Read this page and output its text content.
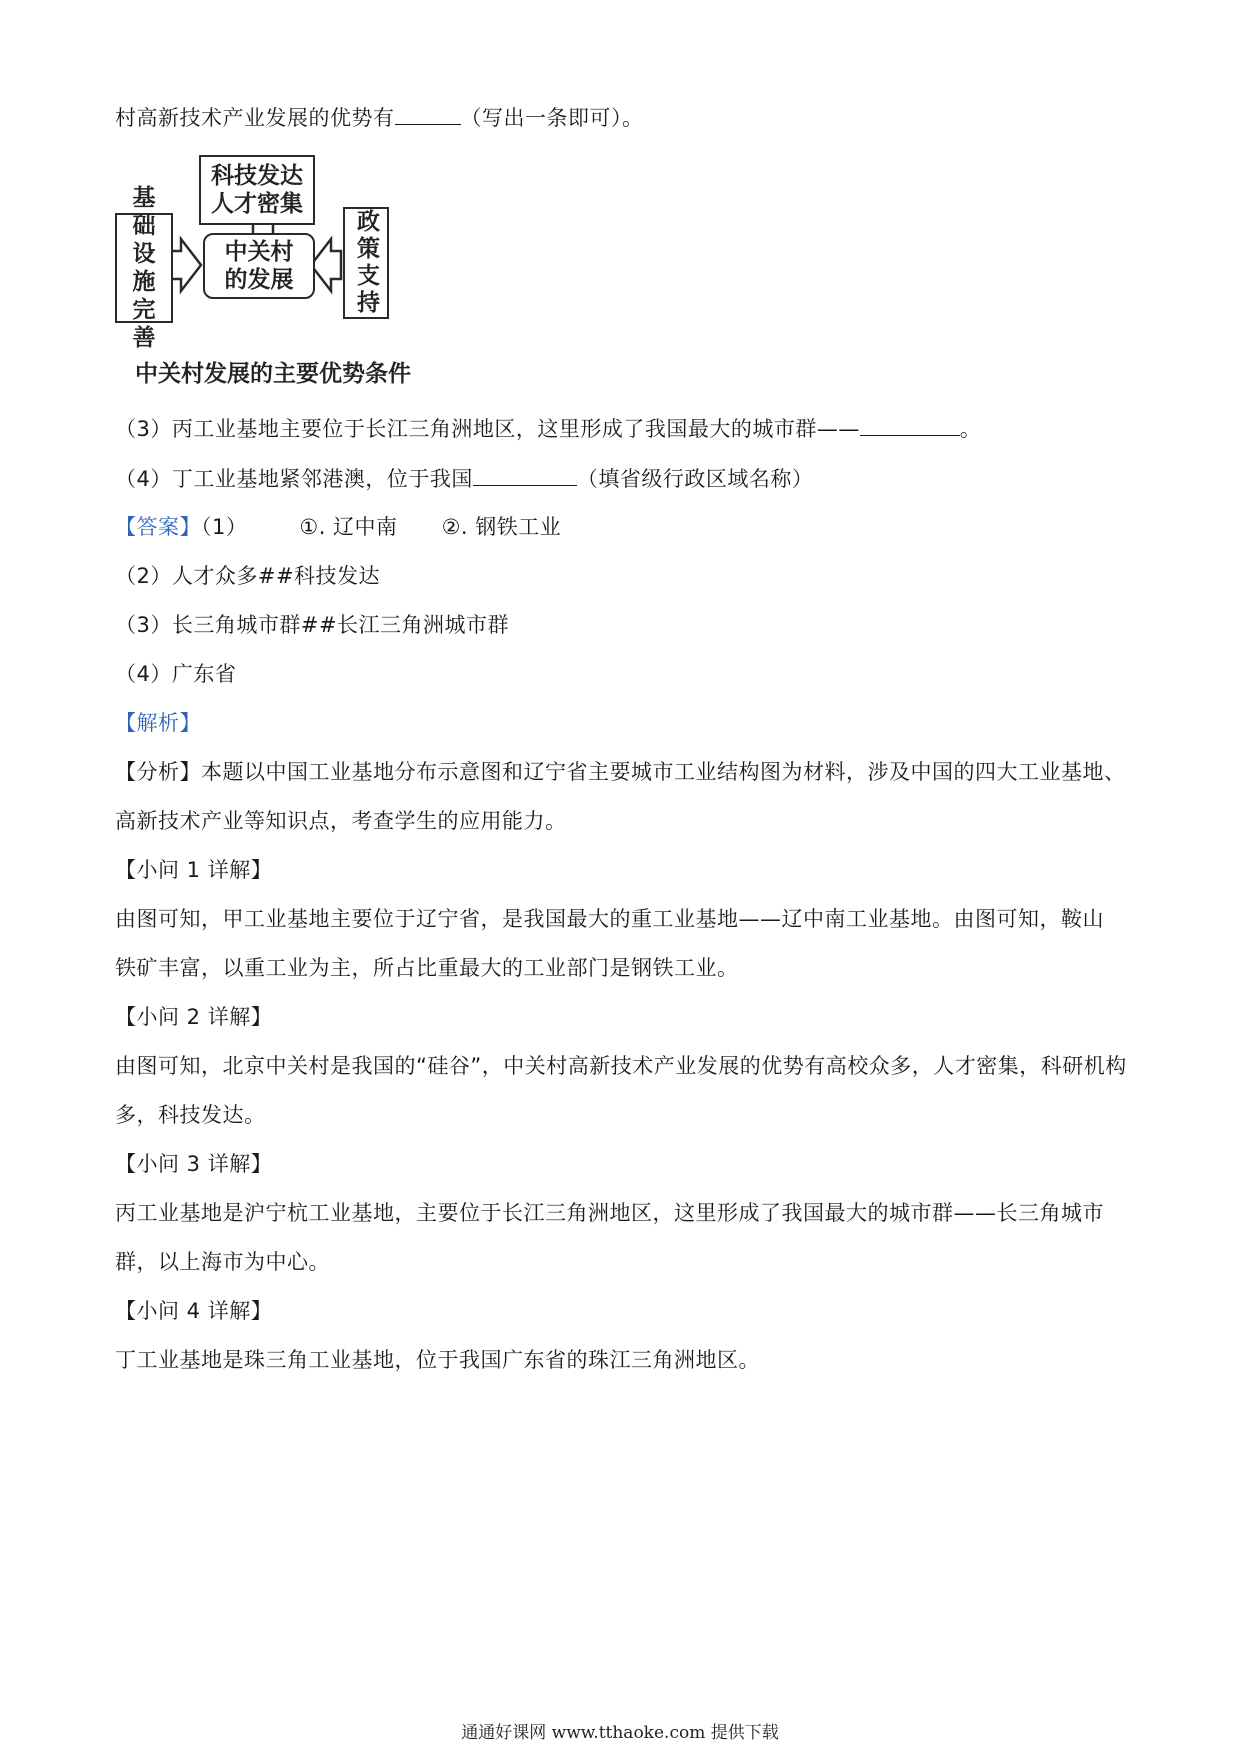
村高新技术产业发展的优势有	（写出一条即可）。
科技发达人才密集
基础设施完善
中关村的发展	政策支持
中关村发展的主要优势条件
（3）丙工业基地主要位于长江三角洲地区，这里形成了我国最大的城市群——	。
（4）丁工业基地紧邻港澳，位于我国	（填省级行政区域名称）
【答案】（1） ①. 辽中南 ②. 钢铁工业
（2）人才众多##科技发达
（3）长三角城市群##长江三角洲城市群
（4）广东省
【解析】
【分析】本题以中国工业基地分布示意图和辽宁省主要城市工业结构图为材料，涉及中国的四大工业基地、
高新技术产业等知识点，考查学生的应用能力。
【小问 1 详解】
由图可知，甲工业基地主要位于辽宁省，是我国最大的重工业基地——辽中南工业基地。由图可知，鞍山
铁矿丰富，以重工业为主，所占比重最大的工业部门是钢铁工业。
【小问 2 详解】
由图可知，北京中关村是我国的“硅谷”，中关村高新技术产业发展的优势有高校众多，人才密集，科研机构
多，科技发达。
【小问 3 详解】
丙工业基地是沪宁杭工业基地，主要位于长江三角洲地区，这里形成了我国最大的城市群——长三角城市
群，以上海市为中心。
【小问 4 详解】
丁工业基地是珠三角工业基地，位于我国广东省的珠江三角洲地区。
通通好课网 www.tthaoke.com 提供下载
